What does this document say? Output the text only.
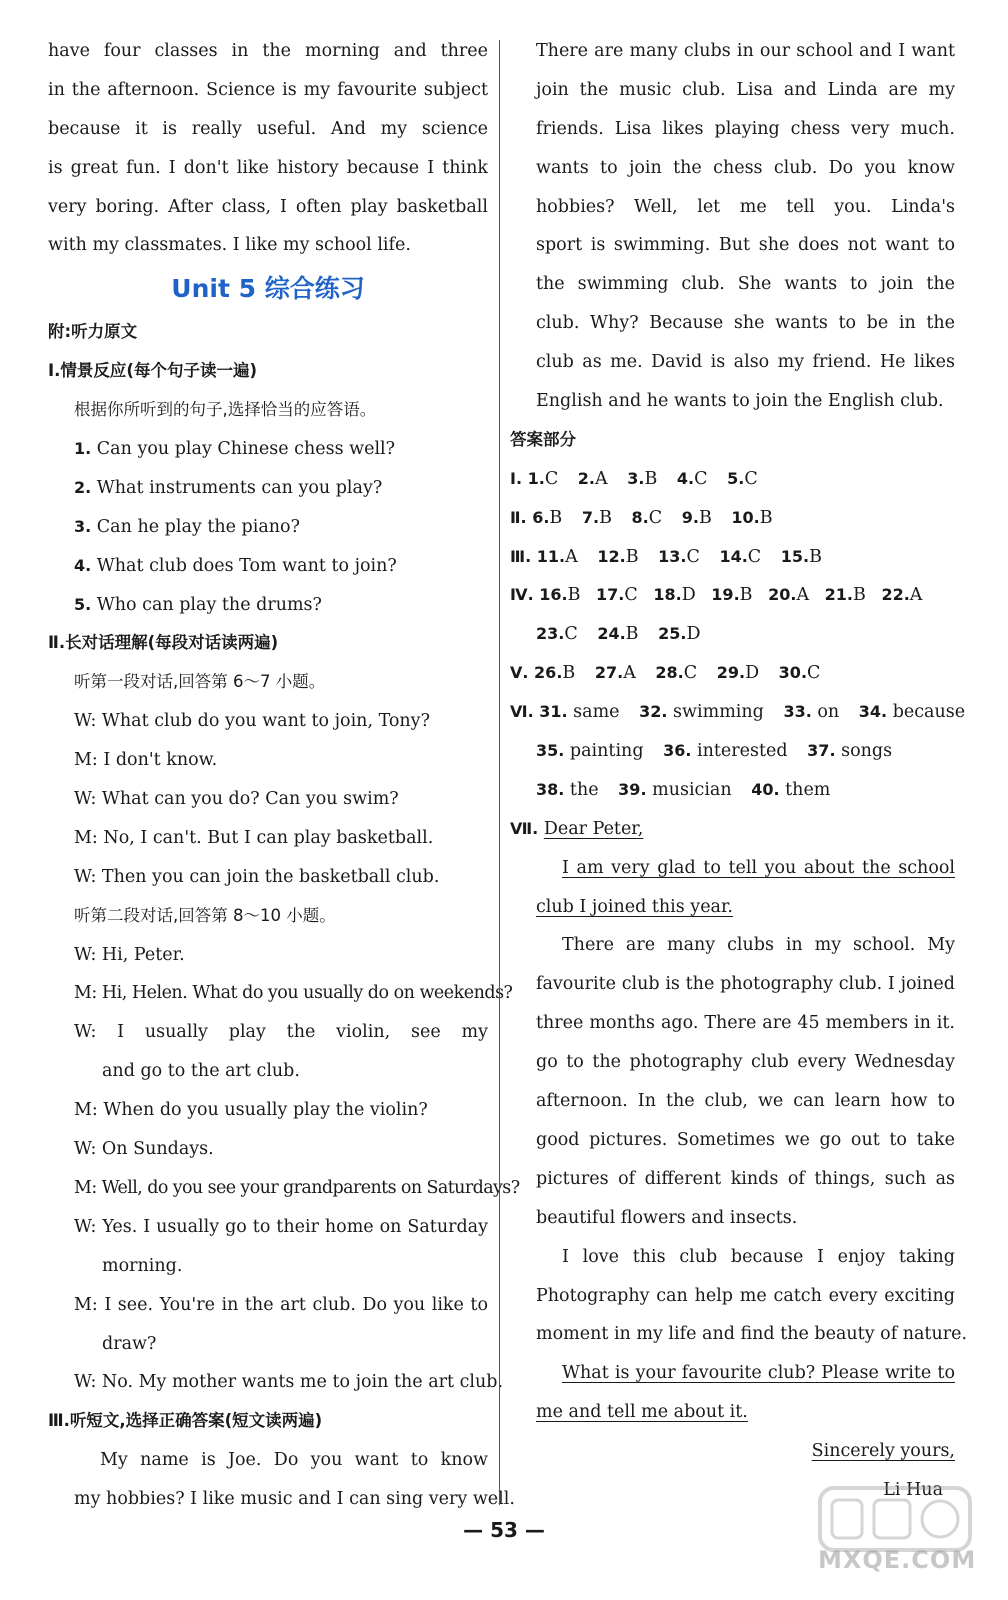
have four classes in the morning and three
in the afternoon. Science is my favourite subject
because it is really useful. And my science
is great fun. I don't like history because I think
very boring. After class, I often play basketball
with my classmates. I like my school life.
Unit 5 综合练习
附:听力原文
Ⅰ.情景反应(每个句子读一遍)
根据你所听到的句子,选择恰当的应答语。
1. Can you play Chinese chess well?
2. What instruments can you play?
3. Can he play the piano?
4. What club does Tom want to join?
5. Who can play the drums?
Ⅱ.长对话理解(每段对话读两遍)
听第一段对话,回答第 6～7 小题。
W: What club do you want to join, Tony?
M: I don't know.
W: What can you do? Can you swim?
M: No, I can't. But I can play basketball.
W: Then you can join the basketball club.
听第二段对话,回答第 8～10 小题。
W: Hi, Peter.
M: Hi, Helen. What do you usually do on weekends?
W: I usually play the violin, see my
and go to the art club.
M: When do you usually play the violin?
W: On Sundays.
M: Well, do you see your grandparents on Saturdays?
W: Yes. I usually go to their home on Saturday
morning.
M: I see. You're in the art club. Do you like to
draw?
W: No. My mother wants me to join the art club.
Ⅲ.听短文,选择正确答案(短文读两遍)
My name is Joe. Do you want to know
my hobbies? I like music and I can sing very well.
There are many clubs in our school and I want
join the music club. Lisa and Linda are my
friends. Lisa likes playing chess very much.
wants to join the chess club. Do you know
hobbies? Well, let me tell you. Linda's
sport is swimming. But she does not want to
the swimming club. She wants to join the
club. Why? Because she wants to be in the
club as me. David is also my friend. He likes
English and he wants to join the English club.
答案部分
Ⅰ. 1.C 2.A 3.B 4.C 5.C
Ⅱ. 6.B 7.B 8.C 9.B 10.B
Ⅲ. 11.A 12.B 13.C 14.C 15.B
Ⅳ. 16.B 17.C 18.D 19.B 20.A 21.B 22.A
23.C 24.B 25.D
Ⅴ. 26.B 27.A 28.C 29.D 30.C
Ⅵ. 31. same 32. swimming 33. on 34. because
35. painting 36. interested 37. songs
38. the 39. musician 40. them
Ⅶ. Dear Peter,
I am very glad to tell you about the school
club I joined this year.
There are many clubs in my school. My
favourite club is the photography club. I joined
three months ago. There are 45 members in it.
go to the photography club every Wednesday
afternoon. In the club, we can learn how to
good pictures. Sometimes we go out to take
pictures of different kinds of things, such as
beautiful flowers and insects.
I love this club because I enjoy taking
Photography can help me catch every exciting
moment in my life and find the beauty of nature.
What is your favourite club? Please write to
me and tell me about it.
Sincerely yours,
Li Hua
— 53 —
MXQE.COM
